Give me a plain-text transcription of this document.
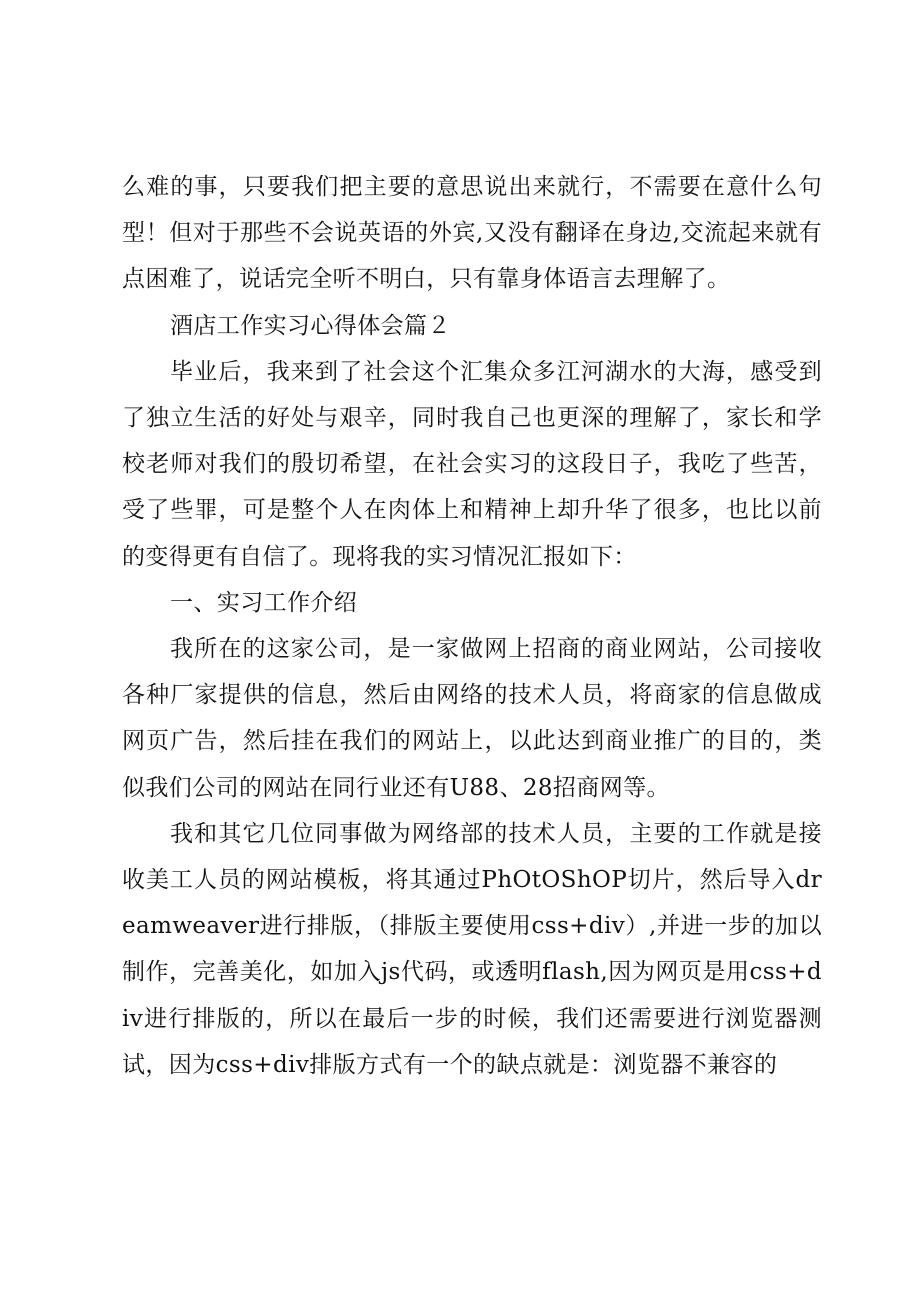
么难的事，只要我们把主要的意思说出来就行，不需要在意什么句型！但对于那些不会说英语的外宾,又没有翻译在身边,交流起来就有点困难了，说话完全听不明白，只有靠身体语言去理解了。

酒店工作实习心得体会篇２

毕业后，我来到了社会这个汇集众多江河湖水的大海，感受到了独立生活的好处与艰辛，同时我自己也更深的理解了，家长和学校老师对我们的殷切希望，在社会实习的这段日子，我吃了些苦，受了些罪，可是整个人在肉体上和精神上却升华了很多，也比以前的变得更有自信了。现将我的实习情况汇报如下：

一、实习工作介绍

我所在的这家公司，是一家做网上招商的商业网站，公司接收各种厂家提供的信息，然后由网络的技术人员，将商家的信息做成网页广告，然后挂在我们的网站上，以此达到商业推广的目的，类似我们公司的网站在同行业还有U88、28招商网等。

我和其它几位同事做为网络部的技术人员，主要的工作就是接收美工人员的网站模板，将其通过PhOtOShOP切片，然后导入dreamweaver进行排版，（排版主要使用css+div）,并进一步的加以制作，完善美化，如加入js代码，或透明flash,因为网页是用css+div进行排版的，所以在最后一步的时候，我们还需要进行浏览器测试，因为css+div排版方式有一个的缺点就是：浏览器不兼容的
